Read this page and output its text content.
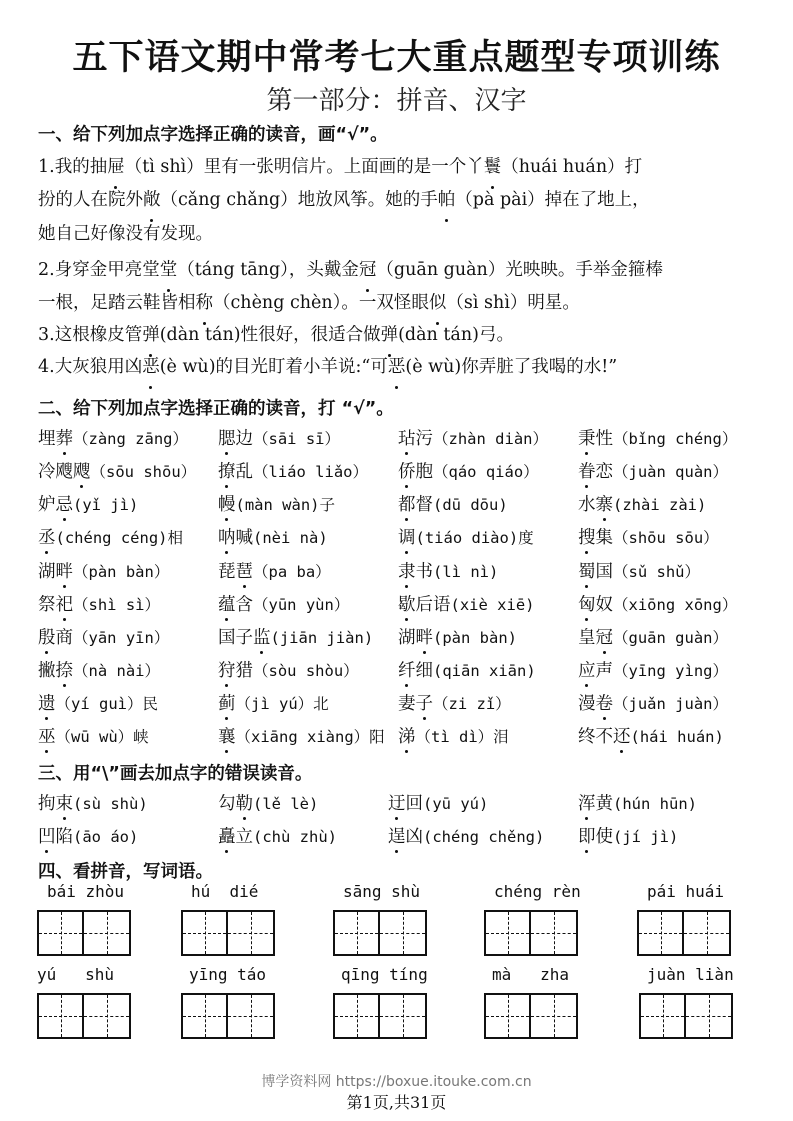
五下语文期中常考七大重点题型专项训练
第一部分：拼音、汉字
一、给下列加点字选择正确的读音，画“√”。
1.我的抽屉（tì shì）里有一张明信片。上面画的是一个丫鬟（huái huán）打
扮的人在院外敞（cǎng chǎng）地放风筝。她的手帕（pà pài）掉在了地上，
她自己好像没有发现。
2.身穿金甲亮堂堂（táng tāng），头戴金冠（guān guàn）光映映。手举金箍棒
一根，足踏云鞋皆相称（chèng chèn）。一双怪眼似（sì shì）明星。
3.这根橡皮管弹(dàn tán)性很好，很适合做弹(dàn tán)弓。
4.大灰狼用凶恶(è wù)的目光盯着小羊说:“可恶(è wù)你弄脏了我喝的水!”
二、给下列加点字选择正确的读音，打 “√”。
埋葬（zàng zāng） 腮边（sāi sī）	玷污（zhàn diàn） 秉性（bǐng chéng）
冷飕飕（sōu shōu） 撩乱（liáo liǎo） 侨胞（qáo qiáo） 眷恋（juàn quàn）
妒忌(yǐ jì)	幔(màn wàn)子	都督(dū dōu)	水寨(zhài zài)
丞(chéng céng)相 呐喊(nèi nà)	调(tiáo diào)度	搜集（shōu sōu）
湖畔（pàn bàn）	琵琶（pa ba）	隶书(lì nì)	蜀国（sǔ shǔ）
祭祀（shì sì）	蕴含（yūn yùn）	歇后语(xiè xiē) 匈奴（xiōng xōng）
殷商（yān yīn）	国子监(jiān jiàn) 湖畔(pàn bàn)	皇冠（guān guàn）
撇捺（nà nài）	狩猎（sòu shòu） 纤细(qiān xiān) 应声（yīng yìng）
遗（yí guì）民	蓟（jì yú）北	妻子（zi zǐ）	漫卷（juǎn juàn）
巫（wū wù）峡	襄（xiāng xiàng）阳 涕（tì dì）泪	终不还(hái huán)
三、用“\”画去加点字的错误读音。
拘束(sù shù)	勾勒(lě lè)	迂回(yū yú)	浑黄(hún hūn)
凹陷(āo áo)	矗立(chù zhù)	逞凶(chéng chěng) 即使(jí jì)
四、看拼音，写词语。
bái zhòu	hú  dié	sāng shù	chéng rèn	pái huái
yú   shù	yīng táo	qīng tíng	mà   zha	juàn liàn
博学资料网 https://boxue.itouke.com.cn
第1页,共31页
